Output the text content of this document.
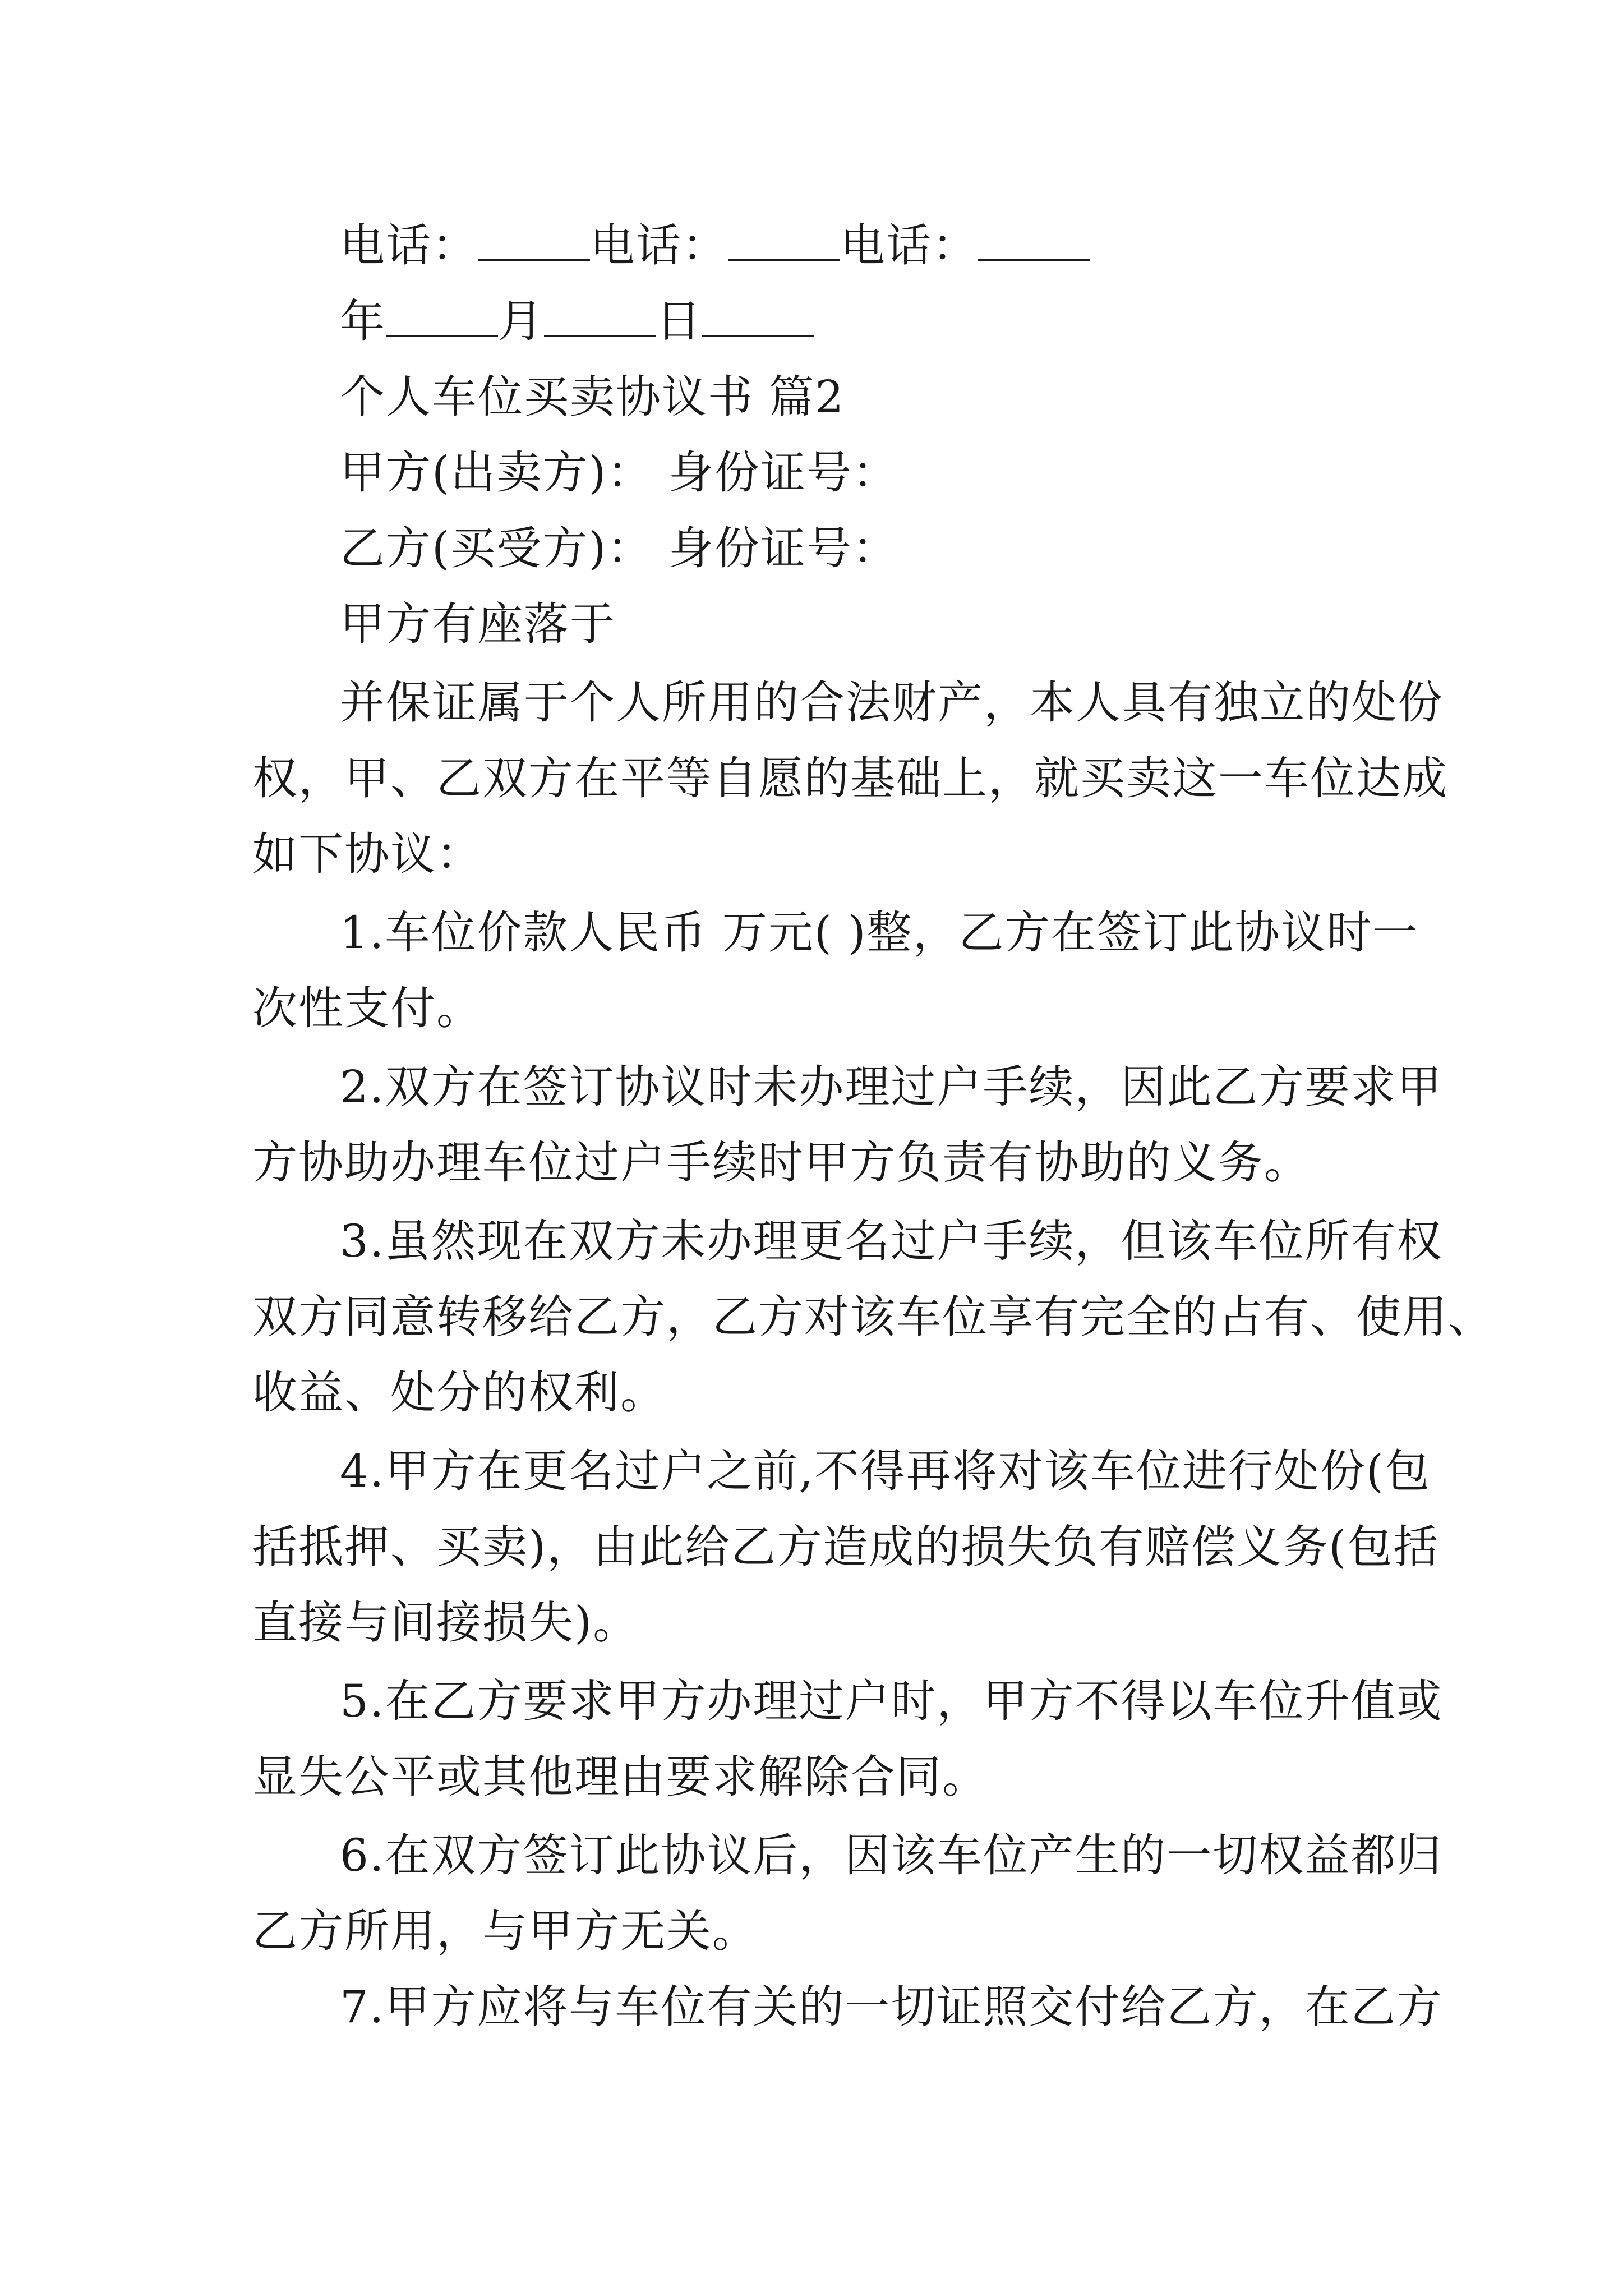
电话：	电话：	电话：
年	月	日
个人车位买卖协议书 篇2
甲方(出卖方)： 身份证号：
乙方(买受方)： 身份证号：
甲方有座落于
并保证属于个人所用的合法财产，本人具有独立的处份
权，甲、乙双方在平等自愿的基础上，就买卖这一车位达成
如下协议：
1.车位价款人民币 万元( )整，乙方在签订此协议时一
次性支付。
2.双方在签订协议时未办理过户手续，因此乙方要求甲
方协助办理车位过户手续时甲方负责有协助的义务。
3.虽然现在双方未办理更名过户手续，但该车位所有权
双方同意转移给乙方，乙方对该车位享有完全的占有、使用、
收益、处分的权利。
4.甲方在更名过户之前,不得再将对该车位进行处份(包
括抵押、买卖)，由此给乙方造成的损失负有赔偿义务(包括
直接与间接损失)。
5.在乙方要求甲方办理过户时，甲方不得以车位升值或
显失公平或其他理由要求解除合同。
6.在双方签订此协议后，因该车位产生的一切权益都归
乙方所用，与甲方无关。
7.甲方应将与车位有关的一切证照交付给乙方，在乙方
